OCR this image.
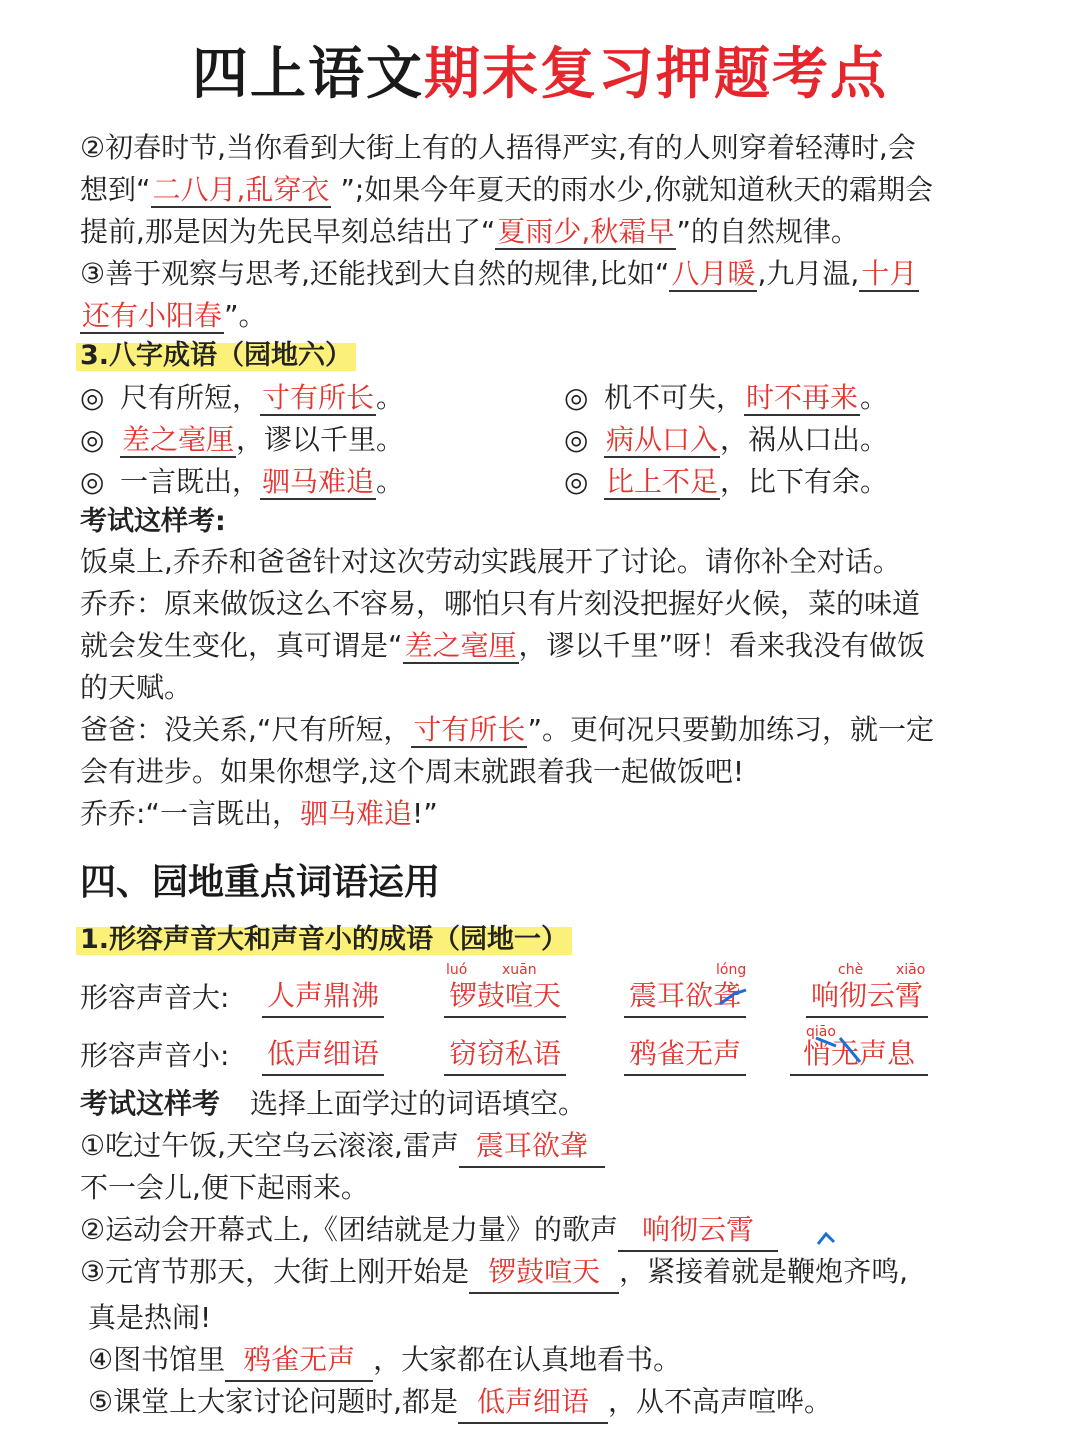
四上语文期末复习押题考点
②初春时节,当你看到大街上有的人捂得严实,有的人则穿着轻薄时,会
想到“二八月,乱穿衣 ”;如果今年夏天的雨水少,你就知道秋天的霜期会
提前,那是因为先民早刻总结出了“夏雨少,秋霜早”的自然规律。
③善于观察与思考,还能找到大自然的规律,比如“八月暖,九月温,十月
还有小阳春”。
3.八字成语（园地六）
◎ 尺有所短，寸有所长。	◎ 机不可失，时不再来。
◎ 差之毫厘，谬以千里。	◎ 病从口入，祸从口出。
◎ 一言既出，驷马难追。	◎ 比上不足，比下有余。
考试这样考:
饭桌上,乔乔和爸爸针对这次劳动实践展开了讨论。请你补全对话。
乔乔：原来做饭这么不容易，哪怕只有片刻没把握好火候，菜的味道
就会发生变化，真可谓是“差之毫厘，谬以千里”呀！看来我没有做饭
的天赋。
爸爸：没关系,“尺有所短，寸有所长”。更何况只要勤加练习，就一定
会有进步。如果你想学,这个周末就跟着我一起做饭吧!
乔乔:“一言既出，驷马难追!”
四、园地重点词语运用
1.形容声音大和声音小的成语（园地一）
形容声音大: 人声鼎沸 锣鼓喧天 震耳欲聋 响彻云霄
luó xuān	lóng	chè xiāo
形容声音小: 低声细语 窃窃私语 鸦雀无声	悄无声息
qiāo
考试这样考 选择上面学过的词语填空。
①吃过午饭,天空乌云滚滚,雷声 震耳欲聋
不一会儿,便下起雨来。
②运动会开幕式上,《团结就是力量》的歌声 响彻云霄
③元宵节那天，大街上刚开始是 锣鼓喧天 ，紧接着就是鞭炮齐鸣,
真是热闹!
④图书馆里 鸦雀无声 ，大家都在认真地看书。
⑤课堂上大家讨论问题时,都是 低声细语 ，从不高声喧哗。
